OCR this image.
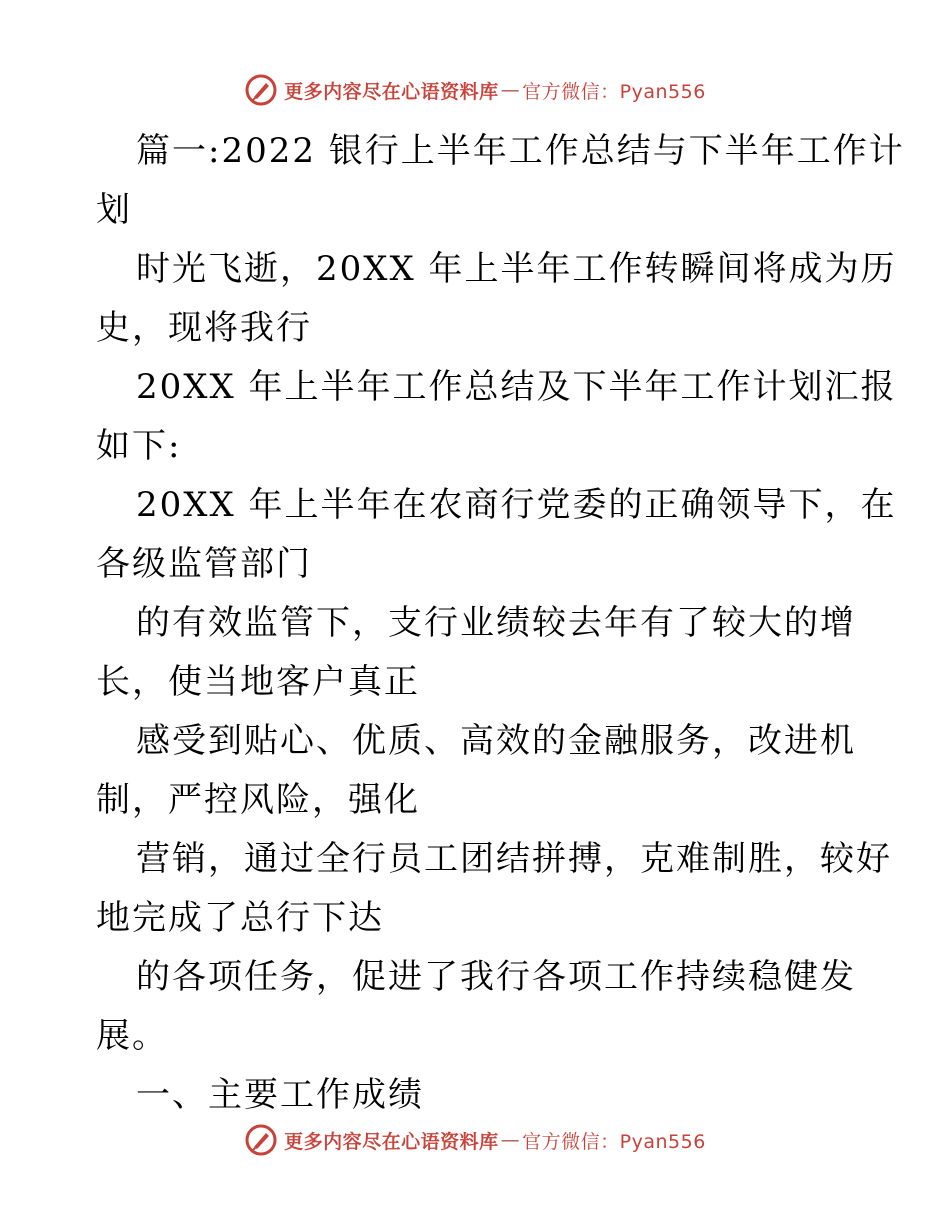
更多内容尽在心语资料库 — 官方微信：Pyan556
篇一:2022 银行上半年工作总结与下半年工作计
划
时光飞逝，20XX 年上半年工作转瞬间将成为历
史，现将我行
20XX 年上半年工作总结及下半年工作计划汇报
如下:
20XX 年上半年在农商行党委的正确领导下，在
各级监管部门
的有效监管下，支行业绩较去年有了较大的增
长，使当地客户真正
感受到贴心、优质、高效的金融服务，改进机
制，严控风险，强化
营销，通过全行员工团结拼搏，克难制胜，较好
地完成了总行下达
的各项任务，促进了我行各项工作持续稳健发
展。
一、主要工作成绩
更多内容尽在心语资料库 — 官方微信：Pyan556
